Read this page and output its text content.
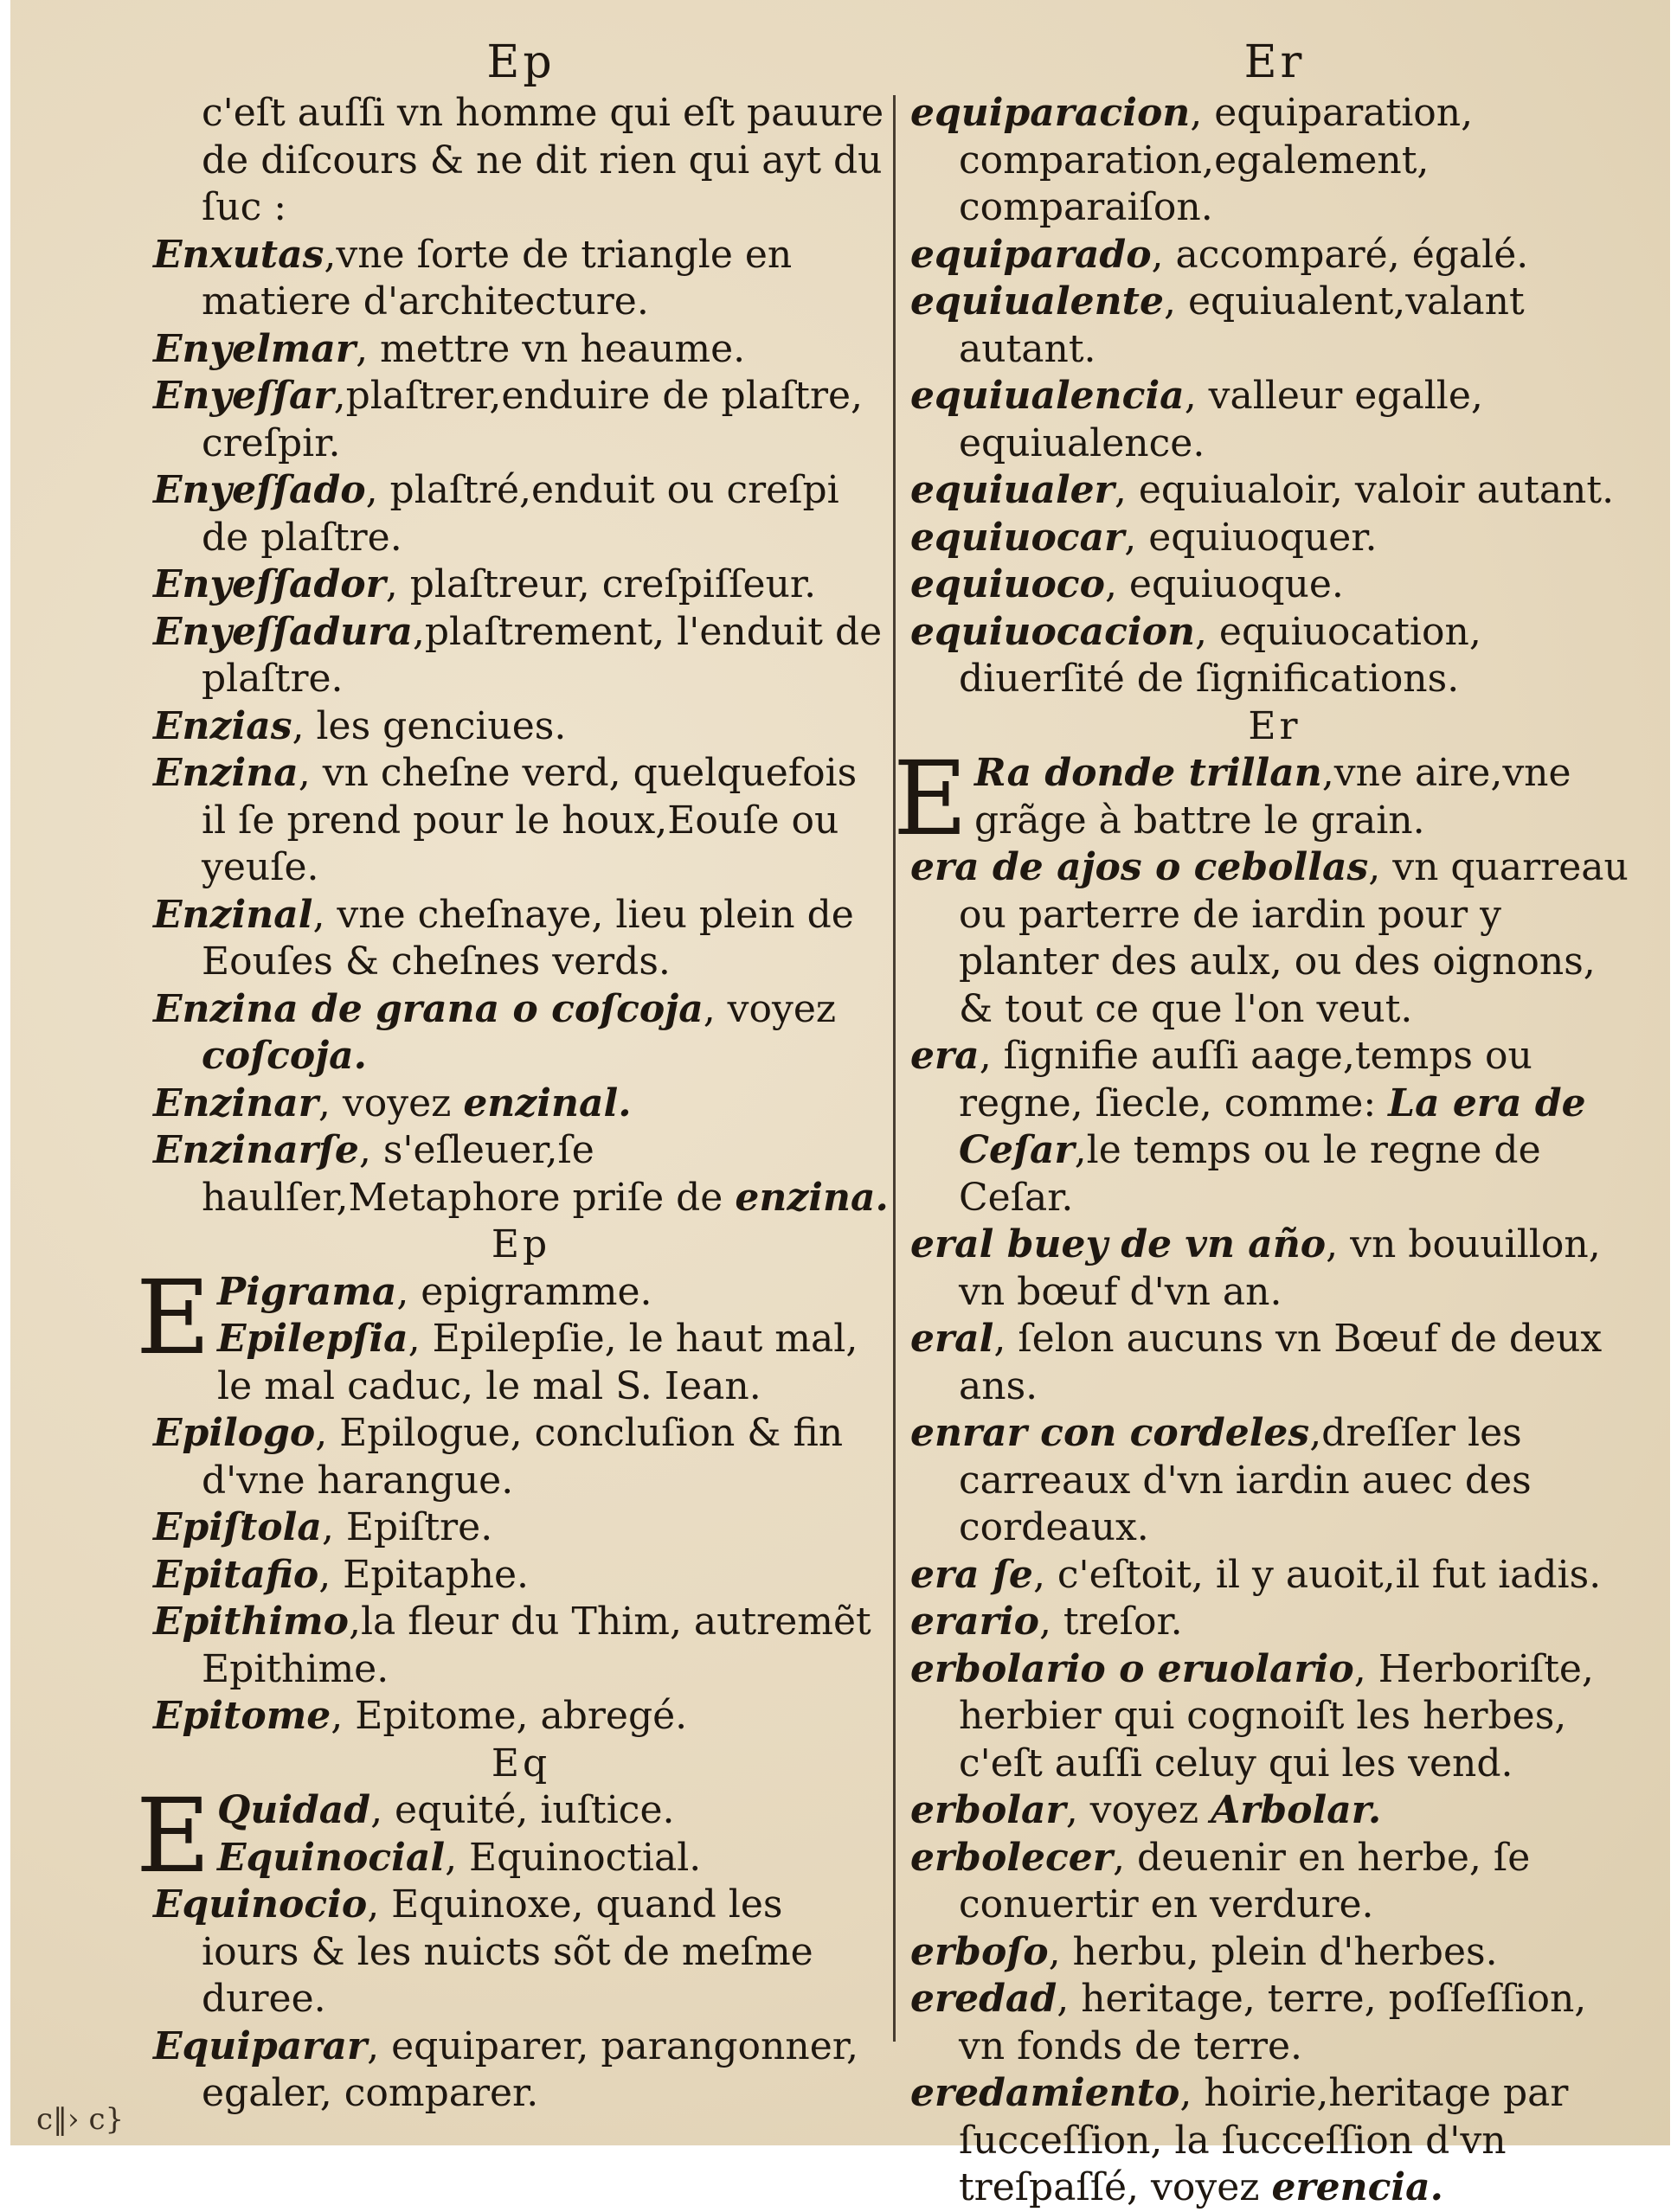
Ep

c'eſt auſſi vn homme qui eſt pauure de diſcours & ne dit rien qui ayt du ſuc :

Enxutas,vne ſorte de triangle en matiere d'architecture.

Enyelmar, mettre vn heaume.

Enyeſſar,plaſtrer,enduire de plaſtre, creſpir.

Enyeſſado, plaſtré,enduit ou creſpi de plaſtre.

Enyeſſador, plaſtreur, creſpiſſeur.

Enyeſſadura,plaſtrement, l'enduit de plaſtre.

Enzias, les genciues.

Enzina, vn cheſne verd, quelquefois il ſe prend pour le houx,Eouſe ou yeuſe.

Enzinal, vne cheſnaye, lieu plein de Eouſes & cheſnes verds.

Enzina de grana o coſcoja, voyez coſcoja.

Enzinar, voyez enzinal.

Enzinarſe, s'eſleuer,ſe haulſer,Metaphore priſe de enzina.

Ep

E Pigrama, epigramme.

Epilepſia, Epilepſie, le haut mal, le mal caduc, le mal S. Iean.

Epilogo, Epilogue, concluſion & fin d'vne harangue.

Epiſtola, Epiſtre.

Epitafio, Epitaphe.

Epithimo,la fleur du Thim, autremẽt Epithime.

Epitome, Epitome, abregé.

Eq

E Quidad, equité, iuſtice.

Equinocial, Equinoctial.

Equinocio, Equinoxe, quand les iours & les nuicts sõt de meſme duree.

Equiparar, equiparer, parangonner, egaler, comparer.

Er

equiparacion, equiparation, comparation,egalement, comparaiſon.

equiparado, accomparé, égalé.

equiualente, equiualent,valant autant.

equiualencia, valleur egalle, equiualence.

equiualer, equiualoir, valoir autant.

equiuocar, equiuoquer.

equiuoco, equiuoque.

equiuocacion, equiuocation, diuerſité de ſignifications.

Er

E Ra donde trillan,vne aire,vne grãge à battre le grain.

era de ajos o cebollas, vn quarreau ou parterre de iardin pour y planter des aulx, ou des oignons, & tout ce que l'on veut.

era, ſignifie auſſi aage,temps ou regne, ſiecle, comme: La era de Ceſar,le temps ou le regne de Ceſar.

eral buey de vn año, vn bouuillon, vn bœuf d'vn an.

eral, ſelon aucuns vn Bœuf de deux ans.

enrar con cordeles,dreſſer les carreaux d'vn iardin auec des cordeaux.

era ſe, c'eſtoit, il y auoit,il fut iadis.

erario, treſor.

erbolario o eruolario, Herboriſte, herbier qui cognoiſt les herbes, c'eſt auſſi celuy qui les vend.

erbolar, voyez Arbolar.

erbolecer, deuenir en herbe, ſe conuertir en verdure.

erboſo, herbu, plein d'herbes.

eredad, heritage, terre, poſſeſſion, vn fonds de terre.

eredamiento, hoirie,heritage par ſucceſſion, la ſucceſſion d'vn treſpaſſé, voyez erencia.

c‖› c}
